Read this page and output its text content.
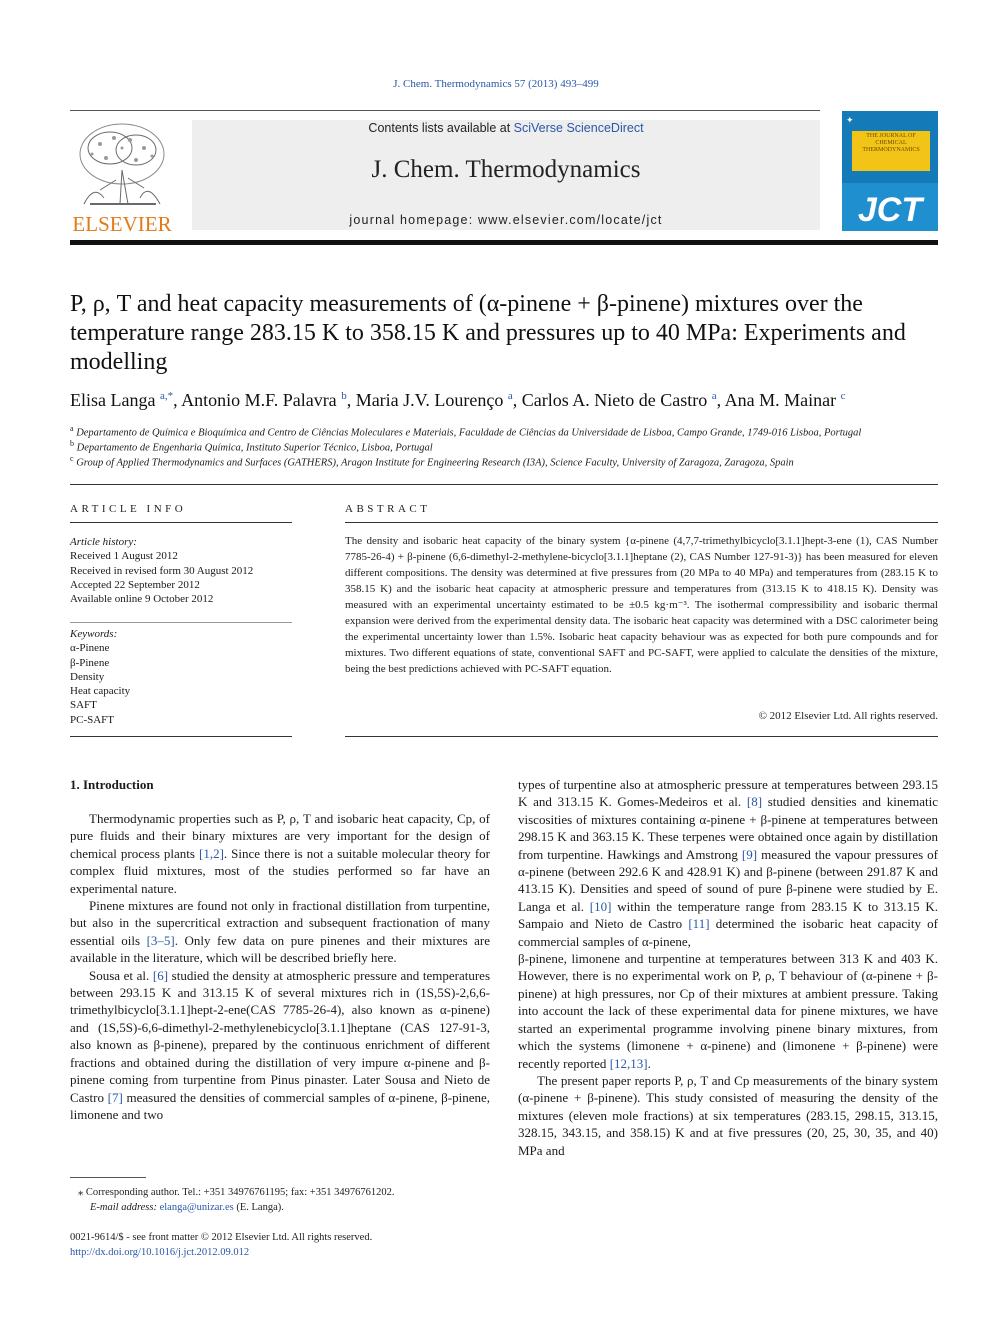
J. Chem. Thermodynamics 57 (2013) 493–499
ELSEVIER
Contents lists available at SciVerse ScienceDirect
J. Chem. Thermodynamics
journal homepage: www.elsevier.com/locate/jct
✦
THE JOURNAL OF CHEMICAL THERMODYNAMICS
JCT
P, ρ, T and heat capacity measurements of (α-pinene + β-pinene) mixtures over the temperature range 283.15 K to 358.15 K and pressures up to 40 MPa: Experiments and modelling
Elisa Langa $^{a,*}$, Antonio M.F. Palavra $^b$, Maria J.V. Lourenço $^a$, Carlos A. Nieto de Castro $^a$, Ana M. Mainar $^c$
$^a$ Departamento de Química e Bioquímica and Centro de Ciências Moleculares e Materiais, Faculdade de Ciências da Universidade de Lisboa, Campo Grande, 1749-016 Lisboa, Portugal
$^b$ Departamento de Engenharia Química, Instituto Superior Técnico, Lisboa, Portugal
$^c$ Group of Applied Thermodynamics and Surfaces (GATHERS), Aragon Institute for Engineering Research (I3A), Science Faculty, University of Zaragoza, Zaragoza, Spain
ARTICLE INFO
Article history:
Received 1 August 2012
Received in revised form 30 August 2012
Accepted 22 September 2012
Available online 9 October 2012
Keywords:
α-Pinene
β-Pinene
Density
Heat capacity
SAFT
PC-SAFT
ABSTRACT
The density and isobaric heat capacity of the binary system {α-pinene (4,7,7-trimethylbicyclo[3.1.1]hept-3-ene (1), CAS Number 7785-26-4) + β-pinene (6,6-dimethyl-2-methylene-bicyclo[3.1.1]heptane (2), CAS Number 127-91-3)} has been measured for eleven different compositions. The density was determined at five pressures from (20 MPa to 40 MPa) and temperatures from (283.15 K to 358.15 K) and the isobaric heat capacity at atmospheric pressure and temperatures from (313.15 K to 418.15 K). Density was measured with an experimental uncertainty estimated to be ±0.5 kg·m⁻³. The isothermal compressibility and isobaric thermal expansion were derived from the experimental density data. The isobaric heat capacity was determined with a DSC calorimeter being the experimental uncertainty lower than 1.5%. Isobaric heat capacity behaviour was as expected for both pure compounds and for mixtures. Two different equations of state, conventional SAFT and PC-SAFT, were applied to calculate the densities of the mixture, being the best predictions achieved with PC-SAFT equation.
© 2012 Elsevier Ltd. All rights reserved.
1. Introduction

Thermodynamic properties such as P, ρ, T and isobaric heat capacity, Cp, of pure fluids and their binary mixtures are very important for the design of chemical process plants [1,2]. Since there is not a suitable molecular theory for complex fluid mixtures, most of the studies performed so far have an experimental nature.

Pinene mixtures are found not only in fractional distillation from turpentine, but also in the supercritical extraction and subsequent fractionation of many essential oils [3–5]. Only few data on pure pinenes and their mixtures are available in the literature, which will be described briefly here.

Sousa et al. [6] studied the density at atmospheric pressure and temperatures between 293.15 K and 313.15 K of several mixtures rich in (1S,5S)-2,6,6-trimethylbicyclo[3.1.1]hept-2-ene(CAS 7785-26-4), also known as α-pinene) and (1S,5S)-6,6-dimethyl-2-methylenebicyclo[3.1.1]heptane (CAS 127-91-3, also known as β-pinene), prepared by the continuous enrichment of different fractions and obtained during the distillation of very impure α-pinene and β-pinene coming from turpentine from Pinus pinaster. Later Sousa and Nieto de Castro [7] measured the densities of commercial samples of α-pinene, β-pinene, limonene and two

types of turpentine also at atmospheric pressure at temperatures between 293.15 K and 313.15 K. Gomes-Medeiros et al. [8] studied densities and kinematic viscosities of mixtures containing α-pinene + β-pinene at temperatures between 298.15 K and 363.15 K. These terpenes were obtained once again by distillation from turpentine. Hawkings and Amstrong [9] measured the vapour pressures of α-pinene (between 292.6 K and 428.91 K) and β-pinene (between 291.87 K and 413.15 K). Densities and speed of sound of pure β-pinene were studied by E. Langa et al. [10] within the temperature range from 283.15 K to 313.15 K. Sampaio and Nieto de Castro [11] determined the isobaric heat capacity of commercial samples of α-pinene,

β-pinene, limonene and turpentine at temperatures between 313 K and 403 K. However, there is no experimental work on P, ρ, T behaviour of (α-pinene + β-pinene) at high pressures, nor Cp of their mixtures at ambient pressure. Taking into account the lack of these experimental data for pinene mixtures, we have started an experimental programme involving pinene binary mixtures, from which the systems (limonene + α-pinene) and (limonene + β-pinene) were recently reported [12,13].

The present paper reports P, ρ, T and Cp measurements of the binary system (α-pinene + β-pinene). This study consisted of measuring the density of the mixtures (eleven mole fractions) at six temperatures (283.15, 298.15, 313.15, 328.15, 343.15, and 358.15) K and at five pressures (20, 25, 30, 35, and 40) MPa and

⁎ Corresponding author. Tel.: +351 34976761195; fax: +351 34976761202.
E-mail address: elanga@unizar.es (E. Langa).
0021-9614/$ - see front matter © 2012 Elsevier Ltd. All rights reserved.
http://dx.doi.org/10.1016/j.jct.2012.09.012
